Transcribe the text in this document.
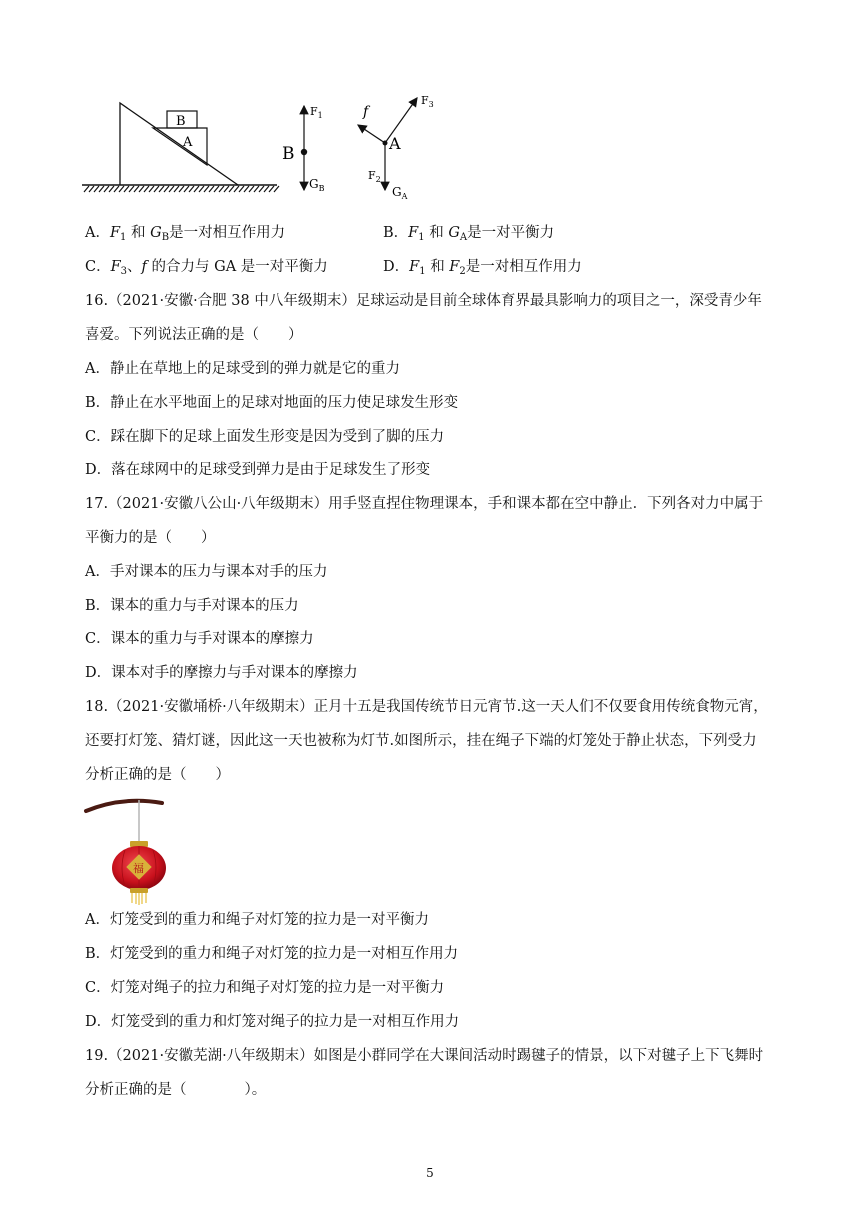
A
B
B
$F_1$
$G_B$
f
$F_3$
A
$F_2$
$G_A$
A．$F_1$ 和 $G_B$是一对相互作用力	B．$F_1$ 和 $G_A$是一对平衡力
C．$F_3$、f 的合力与 GA 是一对平衡力	D．$F_1$ 和 $F_2$是一对相互作用力
16.（2021·安徽·合肥 38 中八年级期末）足球运动是目前全球体育界最具影响力的项目之一，深受青少年
喜爱。下列说法正确的是（　　）
A．静止在草地上的足球受到的弹力就是它的重力
B．静止在水平地面上的足球对地面的压力使足球发生形变
C．踩在脚下的足球上面发生形变是因为受到了脚的压力
D．落在球网中的足球受到弹力是由于足球发生了形变
17.（2021·安徽八公山·八年级期末）用手竖直捏住物理课本，手和课本都在空中静止．下列各对力中属于
平衡力的是（　　）
A．手对课本的压力与课本对手的压力
B．课本的重力与手对课本的压力
C．课本的重力与手对课本的摩擦力
D．课本对手的摩擦力与手对课本的摩擦力
18.（2021·安徽埇桥·八年级期末）正月十五是我国传统节日元宵节.这一天人们不仅要食用传统食物元宵，
还要打灯笼、猜灯谜，因此这一天也被称为灯节.如图所示，挂在绳子下端的灯笼处于静止状态，下列受力
分析正确的是（　　）
福
A．灯笼受到的重力和绳子对灯笼的拉力是一对平衡力
B．灯笼受到的重力和绳子对灯笼的拉力是一对相互作用力
C．灯笼对绳子的拉力和绳子对灯笼的拉力是一对平衡力
D．灯笼受到的重力和灯笼对绳子的拉力是一对相互作用力
19.（2021·安徽芜湖·八年级期末）如图是小群同学在大课间活动时踢毽子的情景，以下对毽子上下飞舞时
分析正确的是（　　　　）。
5
